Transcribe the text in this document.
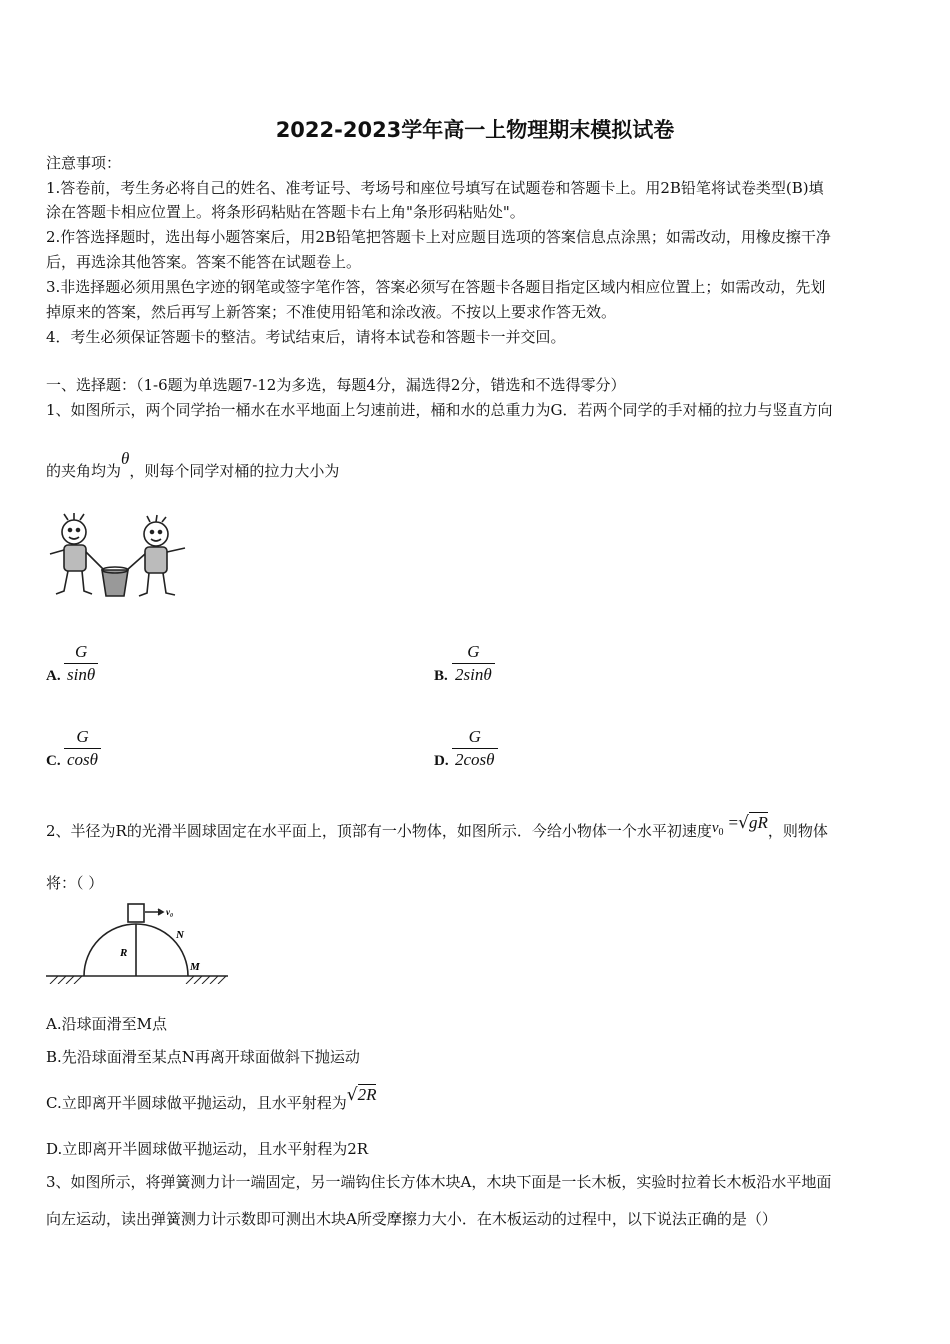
2022-2023学年高一上物理期末模拟试卷
注意事项：
1.答卷前，考生务必将自己的姓名、准考证号、考场号和座位号填写在试题卷和答题卡上。用2B铅笔将试卷类型(B)填
涂在答题卡相应位置上。将条形码粘贴在答题卡右上角"条形码粘贴处"。
2.作答选择题时，选出每小题答案后，用2B铅笔把答题卡上对应题目选项的答案信息点涂黑；如需改动，用橡皮擦干净
后，再选涂其他答案。答案不能答在试题卷上。
3.非选择题必须用黑色字迹的钢笔或签字笔作答，答案必须写在答题卡各题目指定区域内相应位置上；如需改动，先划
掉原来的答案，然后再写上新答案；不准使用铅笔和涂改液。不按以上要求作答无效。
4．考生必须保证答题卡的整洁。考试结束后，请将本试卷和答题卡一并交回。
一、选择题：（1-6题为单选题7-12为多选，每题4分，漏选得2分，错选和不选得零分）
1、如图所示，两个同学抬一桶水在水平地面上匀速前进，桶和水的总重力为G．若两个同学的手对桶的拉力与竖直方向
的夹角均为θ，则每个同学对桶的拉力大小为
A.
G
sinθ	B.
G
2sinθ
C.
G
cosθ	D.
G
2cosθ
2、半径为R的光滑半圆球固定在水平面上，顶部有一小物体，如图所示．今给小物体一个水平初速度v0=√gR，则物体
将：（ ）
v₀
N
R
M
A.沿球面滑至M点
B.先沿球面滑至某点N再离开球面做斜下抛运动
C.立即离开半圆球做平抛运动，且水平射程为√2R
D.立即离开半圆球做平抛运动，且水平射程为2R
3、如图所示，将弹簧测力计一端固定，另一端钩住长方体木块A，木块下面是一长木板，实验时拉着长木板沿水平地面
向左运动，读出弹簧测力计示数即可测出木块A所受摩擦力大小．在木板运动的过程中，以下说法正确的是（）
